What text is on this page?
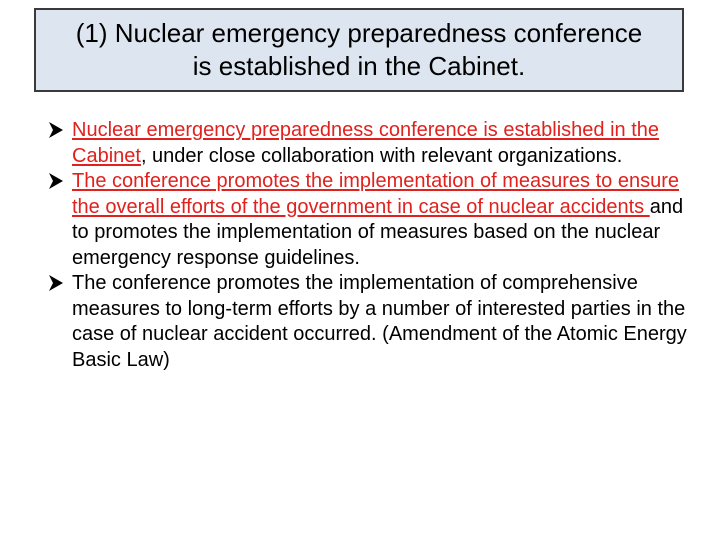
(1) Nuclear emergency preparedness conference
is established in the Cabinet.
Nuclear emergency preparedness conference is established in the Cabinet, under close collaboration with relevant organizations.
The conference promotes the implementation of measures to ensure the overall efforts of the government in case of nuclear accidents and to promotes the implementation of measures based on the nuclear emergency response guidelines.
The conference promotes the implementation of comprehensive measures to long-term efforts by a number of interested parties in the case of nuclear accident occurred. (Amendment of the Atomic Energy Basic Law)
